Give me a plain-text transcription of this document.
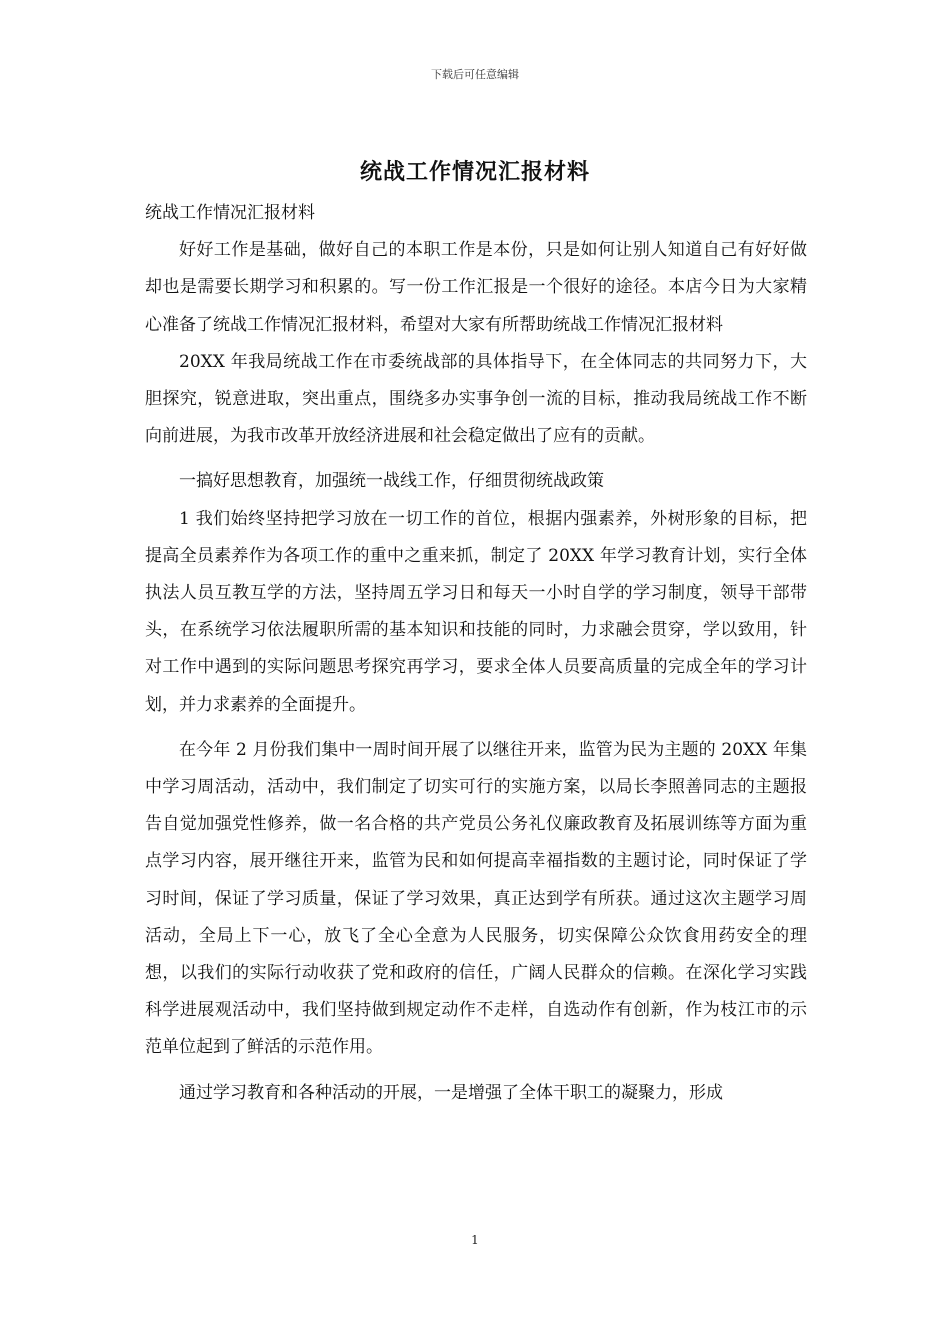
下载后可任意编辑
统战工作情况汇报材料

统战工作情况汇报材料

好好工作是基础，做好自己的本职工作是本份，只是如何让别人知道自己有好好做却也是需要长期学习和积累的。写一份工作汇报是一个很好的途径。本店今日为大家精心准备了统战工作情况汇报材料，希望对大家有所帮助统战工作情况汇报材料

20XX 年我局统战工作在市委统战部的具体指导下，在全体同志的共同努力下，大胆探究，锐意进取，突出重点，围绕多办实事争创一流的目标，推动我局统战工作不断向前进展，为我市改革开放经济进展和社会稳定做出了应有的贡献。

一搞好思想教育，加强统一战线工作，仔细贯彻统战政策

1 我们始终坚持把学习放在一切工作的首位，根据内强素养，外树形象的目标，把提高全员素养作为各项工作的重中之重来抓，制定了 20XX 年学习教育计划，实行全体执法人员互教互学的方法，坚持周五学习日和每天一小时自学的学习制度，领导干部带头，在系统学习依法履职所需的基本知识和技能的同时，力求融会贯穿，学以致用，针对工作中遇到的实际问题思考探究再学习，要求全体人员要高质量的完成全年的学习计划，并力求素养的全面提升。

在今年 2 月份我们集中一周时间开展了以继往开来，监管为民为主题的 20XX 年集中学习周活动，活动中，我们制定了切实可行的实施方案，以局长李照善同志的主题报告自觉加强党性修养，做一名合格的共产党员公务礼仪廉政教育及拓展训练等方面为重点学习内容，展开继往开来，监管为民和如何提高幸福指数的主题讨论，同时保证了学习时间，保证了学习质量，保证了学习效果，真正达到学有所获。通过这次主题学习周活动，全局上下一心，放飞了全心全意为人民服务，切实保障公众饮食用药安全的理想，以我们的实际行动收获了党和政府的信任，广阔人民群众的信赖。在深化学习实践科学进展观活动中，我们坚持做到规定动作不走样，自选动作有创新，作为枝江市的示范单位起到了鲜活的示范作用。

通过学习教育和各种活动的开展，一是增强了全体干职工的凝聚力，形成

1
